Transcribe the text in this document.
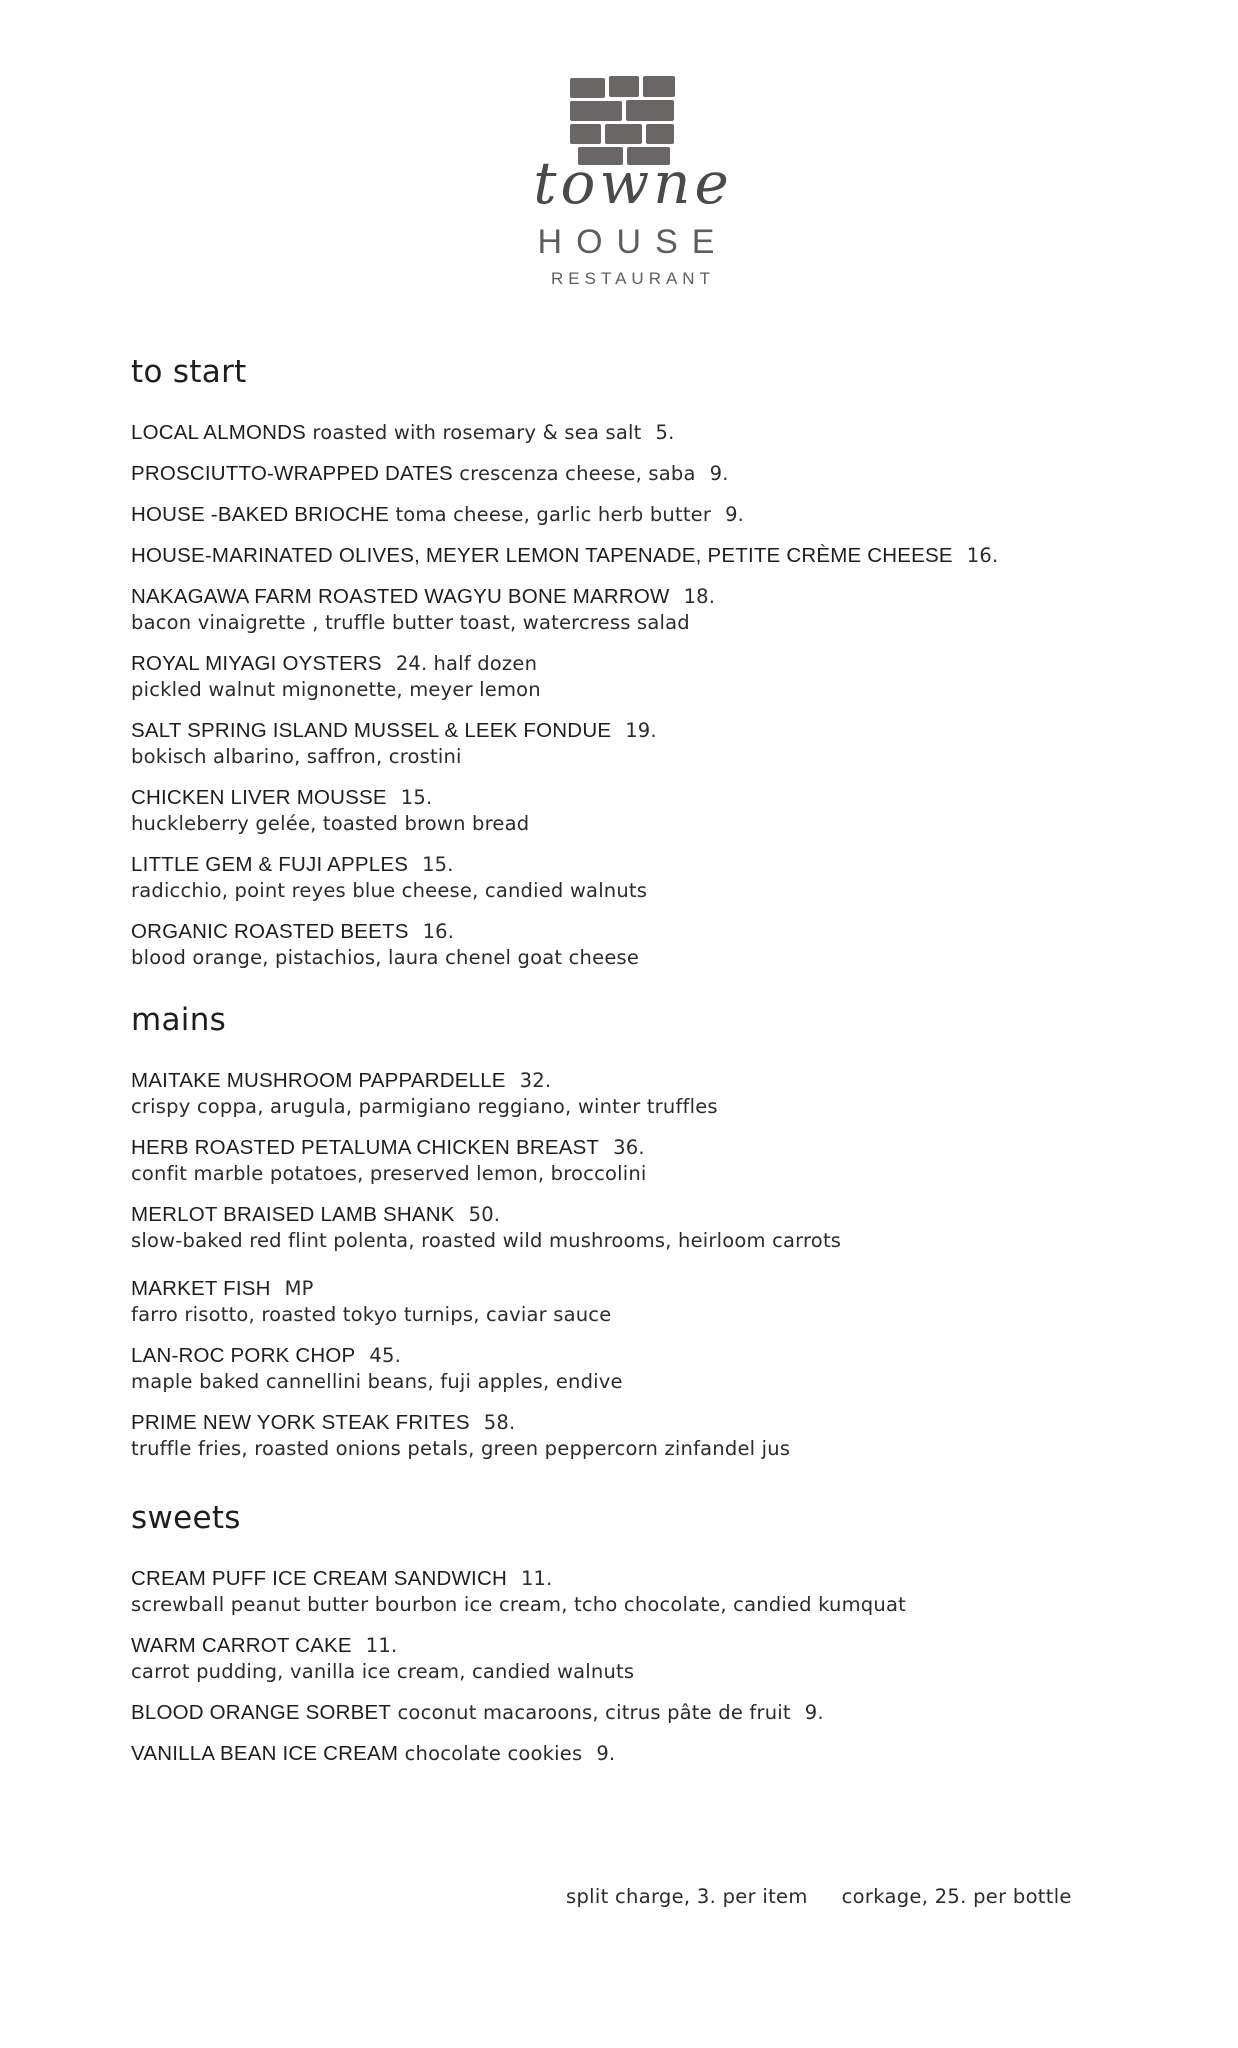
towne
HOUSE
RESTAURANT
to start
LOCAL ALMONDS roasted with rosemary & sea salt 5.
PROSCIUTTO-WRAPPED DATES crescenza cheese, saba 9.
HOUSE -BAKED BRIOCHE toma cheese, garlic herb butter 9.
HOUSE-MARINATED OLIVES, MEYER LEMON TAPENADE, PETITE CRÈME CHEESE 16.
NAKAGAWA FARM ROASTED WAGYU BONE MARROW 18.
bacon vinaigrette , truffle butter toast, watercress salad
ROYAL MIYAGI OYSTERS 24. half dozen
pickled walnut mignonette, meyer lemon
SALT SPRING ISLAND MUSSEL & LEEK FONDUE 19.
bokisch albarino, saffron, crostini
CHICKEN LIVER MOUSSE 15.
huckleberry gelée, toasted brown bread
LITTLE GEM & FUJI APPLES 15.
radicchio, point reyes blue cheese, candied walnuts
ORGANIC ROASTED BEETS 16.
blood orange, pistachios, laura chenel goat cheese
mains
MAITAKE MUSHROOM PAPPARDELLE 32.
crispy coppa, arugula, parmigiano reggiano, winter truffles
HERB ROASTED PETALUMA CHICKEN BREAST 36.
confit marble potatoes, preserved lemon, broccolini
MERLOT BRAISED LAMB SHANK 50.
slow-baked red flint polenta, roasted wild mushrooms, heirloom carrots
MARKET FISH MP
farro risotto, roasted tokyo turnips, caviar sauce
LAN-ROC PORK CHOP 45.
maple baked cannellini beans, fuji apples, endive
PRIME NEW YORK STEAK FRITES 58.
truffle fries, roasted onions petals, green peppercorn zinfandel jus
sweets
CREAM PUFF ICE CREAM SANDWICH 11.
screwball peanut butter bourbon ice cream, tcho chocolate, candied kumquat
WARM CARROT CAKE 11.
carrot pudding, vanilla ice cream, candied walnuts
BLOOD ORANGE SORBET coconut macaroons, citrus pâte de fruit 9.
VANILLA BEAN ICE CREAM chocolate cookies 9.
split charge, 3. per item corkage, 25. per bottle
